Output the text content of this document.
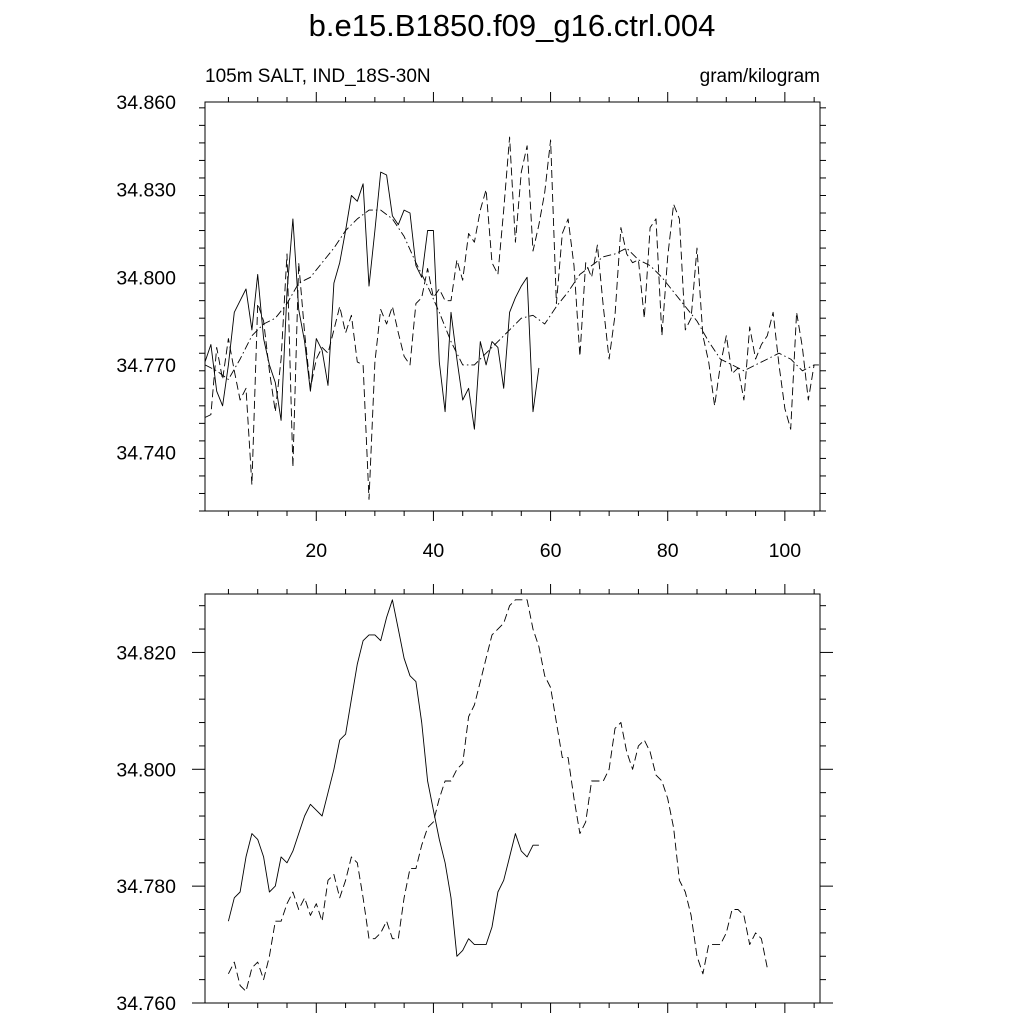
b.e15.B1850.f09_g16.ctrl.004
105m SALT, IND_18S-30N	gram/kilogram
20	40	60	80	100
34.740
34.770
34.800
34.830
34.860
34.760
34.780
34.800
34.820
